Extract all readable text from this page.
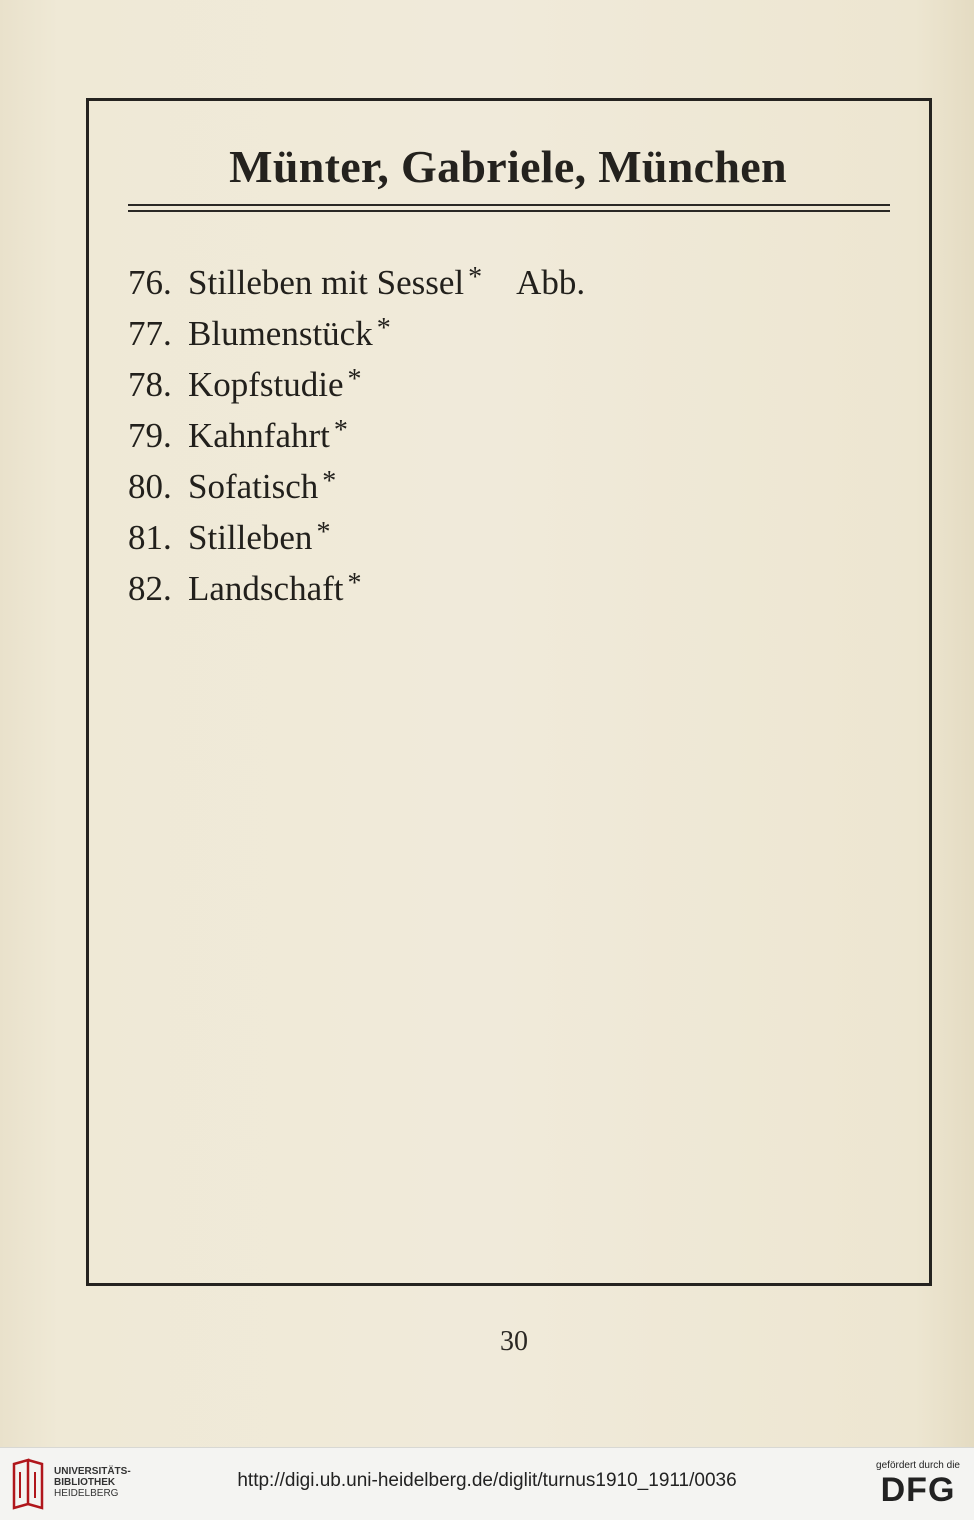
Münter, Gabriele, München
76. Stilleben mit Sessel * Abb.
77. Blumenstück *
78. Kopfstudie *
79. Kahnfahrt *
80. Sofatisch *
81. Stilleben *
82. Landschaft *
30
UNIVERSITÄTS-
BIBLIOTHEK
HEIDELBERG
http://digi.ub.uni-heidelberg.de/diglit/turnus1910_1911/0036
gefördert durch die
DFG
